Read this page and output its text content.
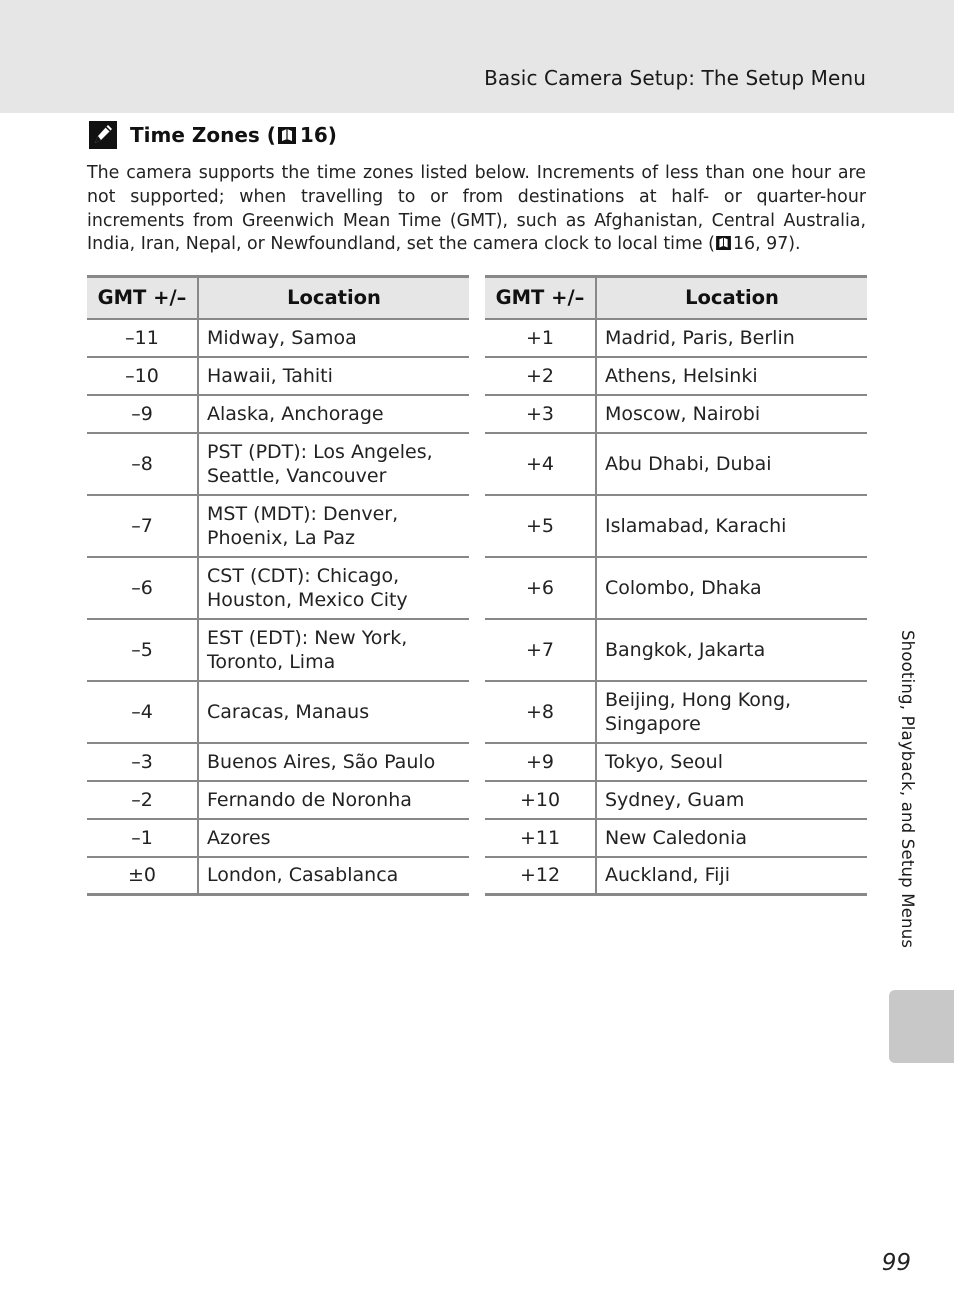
Basic Camera Setup: The Setup Menu
Time Zones ( 16)

The camera supports the time zones listed below. Increments of less than one hour are not supported; when travelling to or from destinations at half- or quarter-hour increments from Greenwich Mean Time (GMT), such as Afghanistan, Central Australia, India, Iran, Nepal, or Newfoundland, set the camera clock to local time ( 16, 97).

GMT +/–	Location
–11	Midway, Samoa

–10	Hawaii, Tahiti

–9	Alaska, Anchorage

–8	PST (PDT): Los Angeles,
Seattle, Vancouver

–7	MST (MDT): Denver,
Phoenix, La Paz

–6	CST (CDT): Chicago,
Houston, Mexico City

–5	EST (EDT): New York,
Toronto, Lima

–4	Caracas, Manaus

–3	Buenos Aires, São Paulo

–2	Fernando de Noronha

–1	Azores

±0	London, Casablanca
GMT +/–	Location
+1	Madrid, Paris, Berlin

+2	Athens, Helsinki

+3	Moscow, Nairobi

+4	Abu Dhabi, Dubai

+5	Islamabad, Karachi

+6	Colombo, Dhaka

+7	Bangkok, Jakarta

+8	Beijing, Hong Kong,
Singapore

+9	Tokyo, Seoul

+10	Sydney, Guam

+11	New Caledonia

+12	Auckland, Fiji	Shooting, Playback, and Setup Menus
99
